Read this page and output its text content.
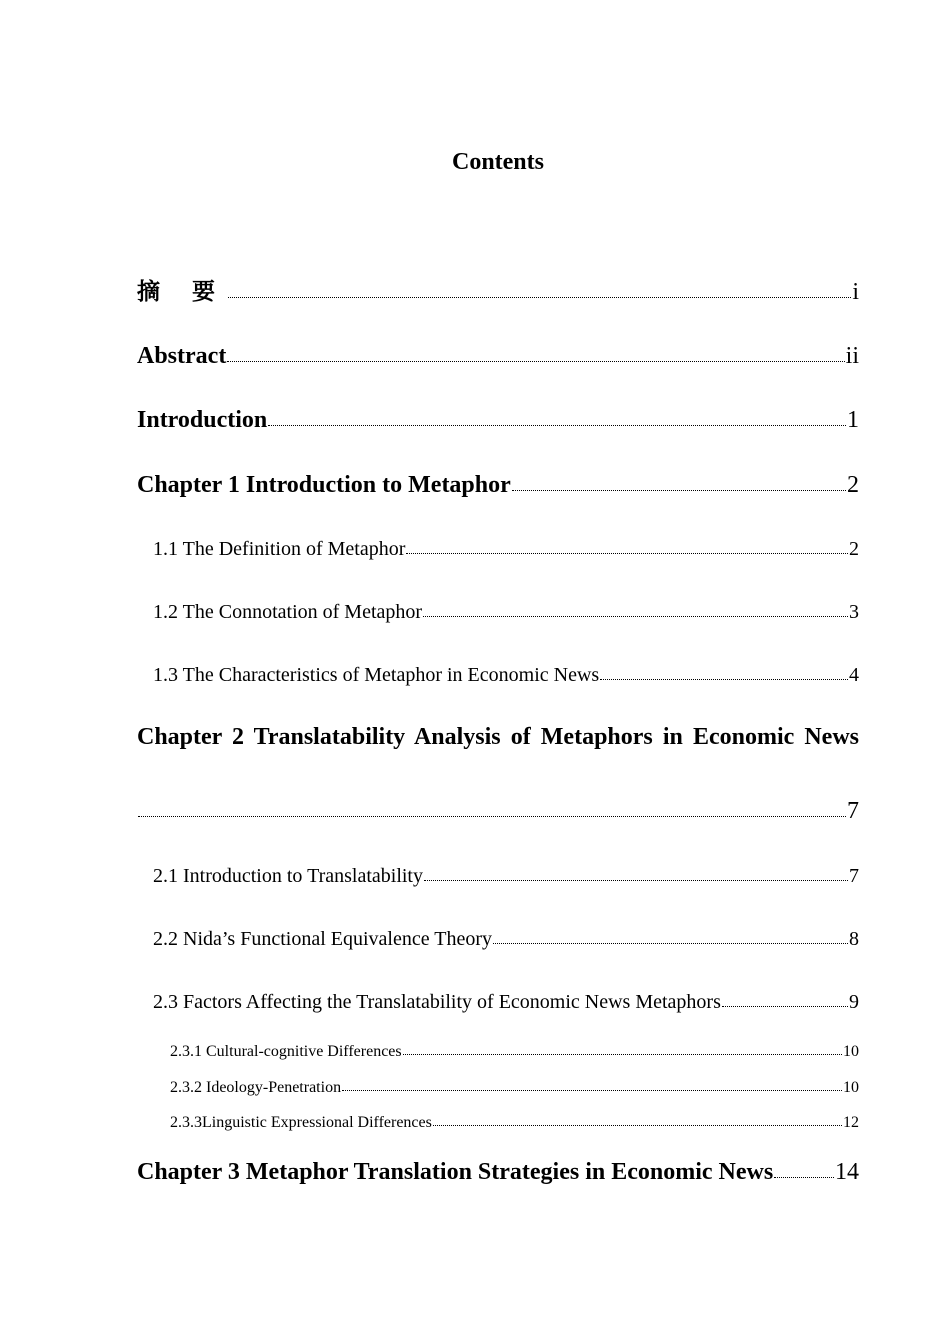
Contents
摘 要	i
Abstract	ii
Introduction	1
Chapter 1 Introduction to Metaphor	2
1.1 The Definition of Metaphor	2
1.2 The Connotation of Metaphor	3
1.3 The Characteristics of Metaphor in Economic News	4
Chapter 2 Translatability Analysis of Metaphors in Economic News
7
2.1 Introduction to Translatability	7
2.2 Nida’s Functional Equivalence Theory	8
2.3 Factors Affecting the Translatability of Economic News Metaphors	9
2.3.1 Cultural-cognitive Differences	10
2.3.2 Ideology-Penetration	10
2.3.3Linguistic Expressional Differences	12
Chapter 3 Metaphor Translation Strategies in Economic News	14
